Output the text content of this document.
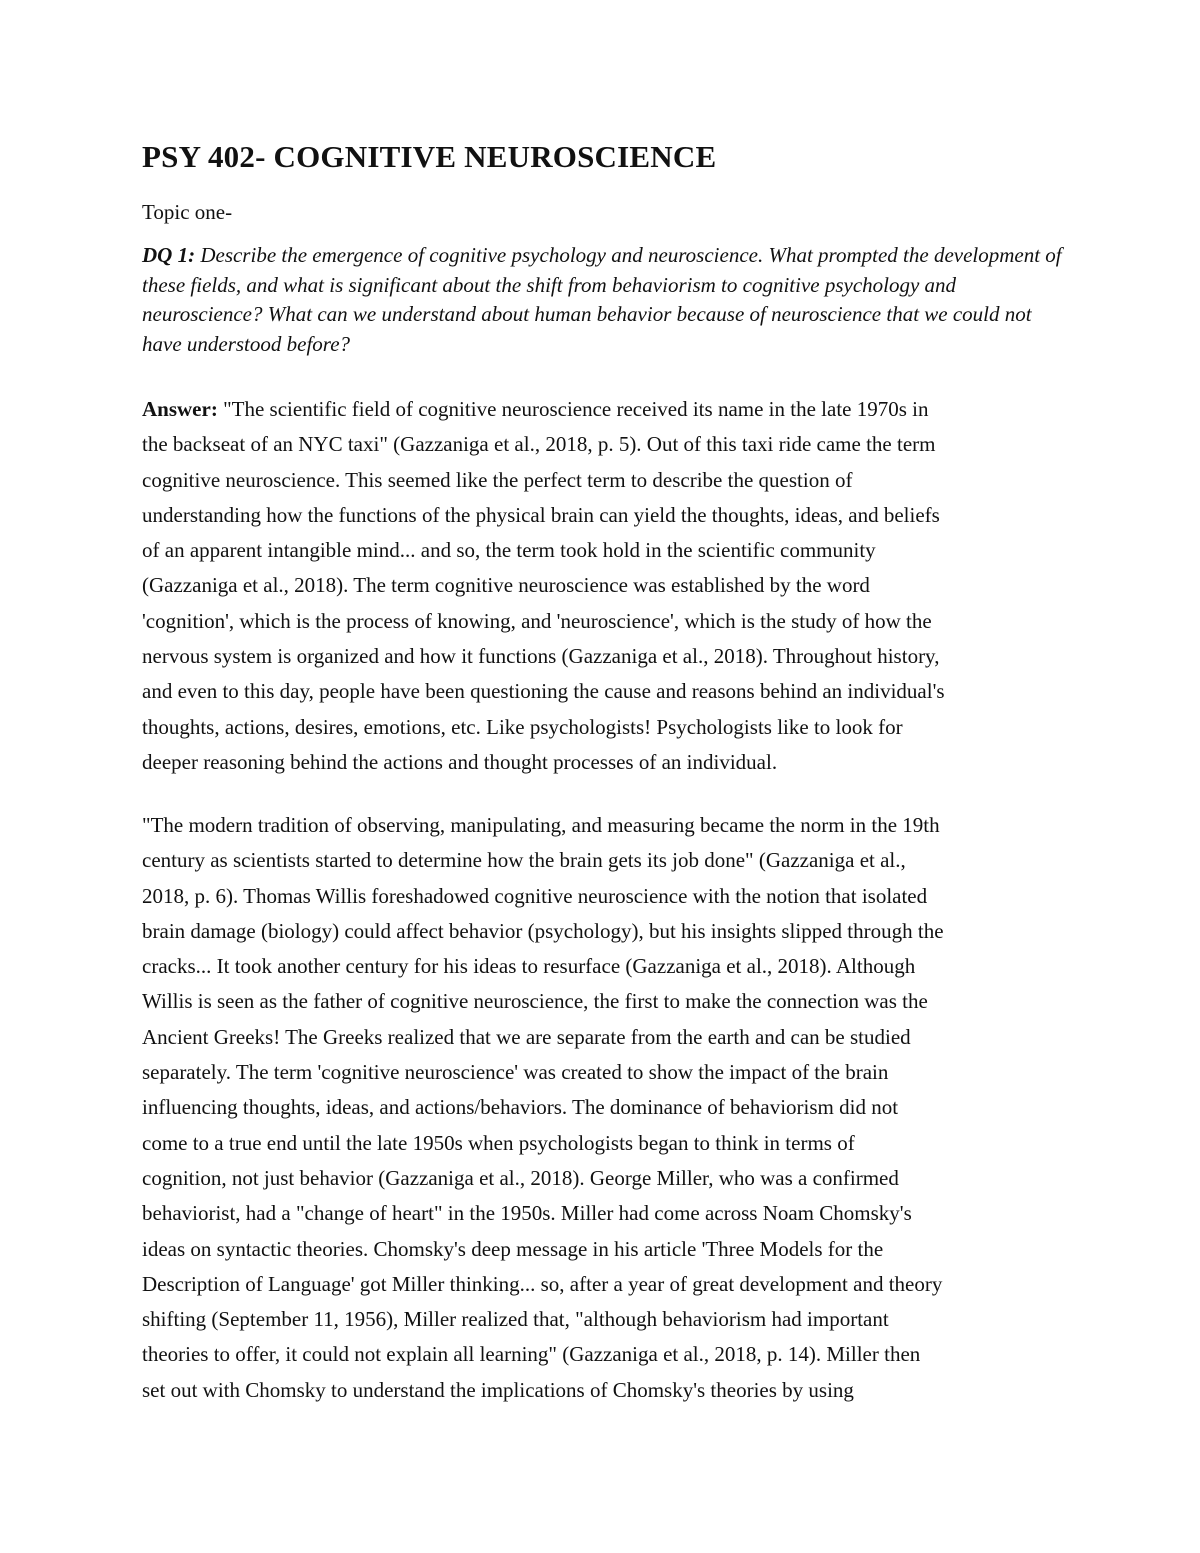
PSY 402- COGNITIVE NEUROSCIENCE

Topic one-

DQ 1: Describe the emergence of cognitive psychology and neuroscience. What prompted the development of these fields, and what is significant about the shift from behaviorism to cognitive psychology and neuroscience? What can we understand about human behavior because of neuroscience that we could not have understood before?

Answer: "The scientific field of cognitive neuroscience received its name in the late 1970s in
the backseat of an NYC taxi" (Gazzaniga et al., 2018, p. 5). Out of this taxi ride came the term
cognitive neuroscience. This seemed like the perfect term to describe the question of
understanding how the functions of the physical brain can yield the thoughts, ideas, and beliefs
of an apparent intangible mind... and so, the term took hold in the scientific community
(Gazzaniga et al., 2018). The term cognitive neuroscience was established by the word
'cognition', which is the process of knowing, and 'neuroscience', which is the study of how the
nervous system is organized and how it functions (Gazzaniga et al., 2018). Throughout history,
and even to this day, people have been questioning the cause and reasons behind an individual's
thoughts, actions, desires, emotions, etc. Like psychologists! Psychologists like to look for
deeper reasoning behind the actions and thought processes of an individual.
"The modern tradition of observing, manipulating, and measuring became the norm in the 19th
century as scientists started to determine how the brain gets its job done" (Gazzaniga et al.,
2018, p. 6). Thomas Willis foreshadowed cognitive neuroscience with the notion that isolated
brain damage (biology) could affect behavior (psychology), but his insights slipped through the
cracks... It took another century for his ideas to resurface (Gazzaniga et al., 2018). Although
Willis is seen as the father of cognitive neuroscience, the first to make the connection was the
Ancient Greeks! The Greeks realized that we are separate from the earth and can be studied
separately. The term 'cognitive neuroscience' was created to show the impact of the brain
influencing thoughts, ideas, and actions/behaviors. The dominance of behaviorism did not
come to a true end until the late 1950s when psychologists began to think in terms of
cognition, not just behavior (Gazzaniga et al., 2018). George Miller, who was a confirmed
behaviorist, had a "change of heart" in the 1950s. Miller had come across Noam Chomsky's
ideas on syntactic theories. Chomsky's deep message in his article 'Three Models for the
Description of Language' got Miller thinking... so, after a year of great development and theory
shifting (September 11, 1956), Miller realized that, "although behaviorism had important
theories to offer, it could not explain all learning" (Gazzaniga et al., 2018, p. 14). Miller then
set out with Chomsky to understand the implications of Chomsky's theories by using
